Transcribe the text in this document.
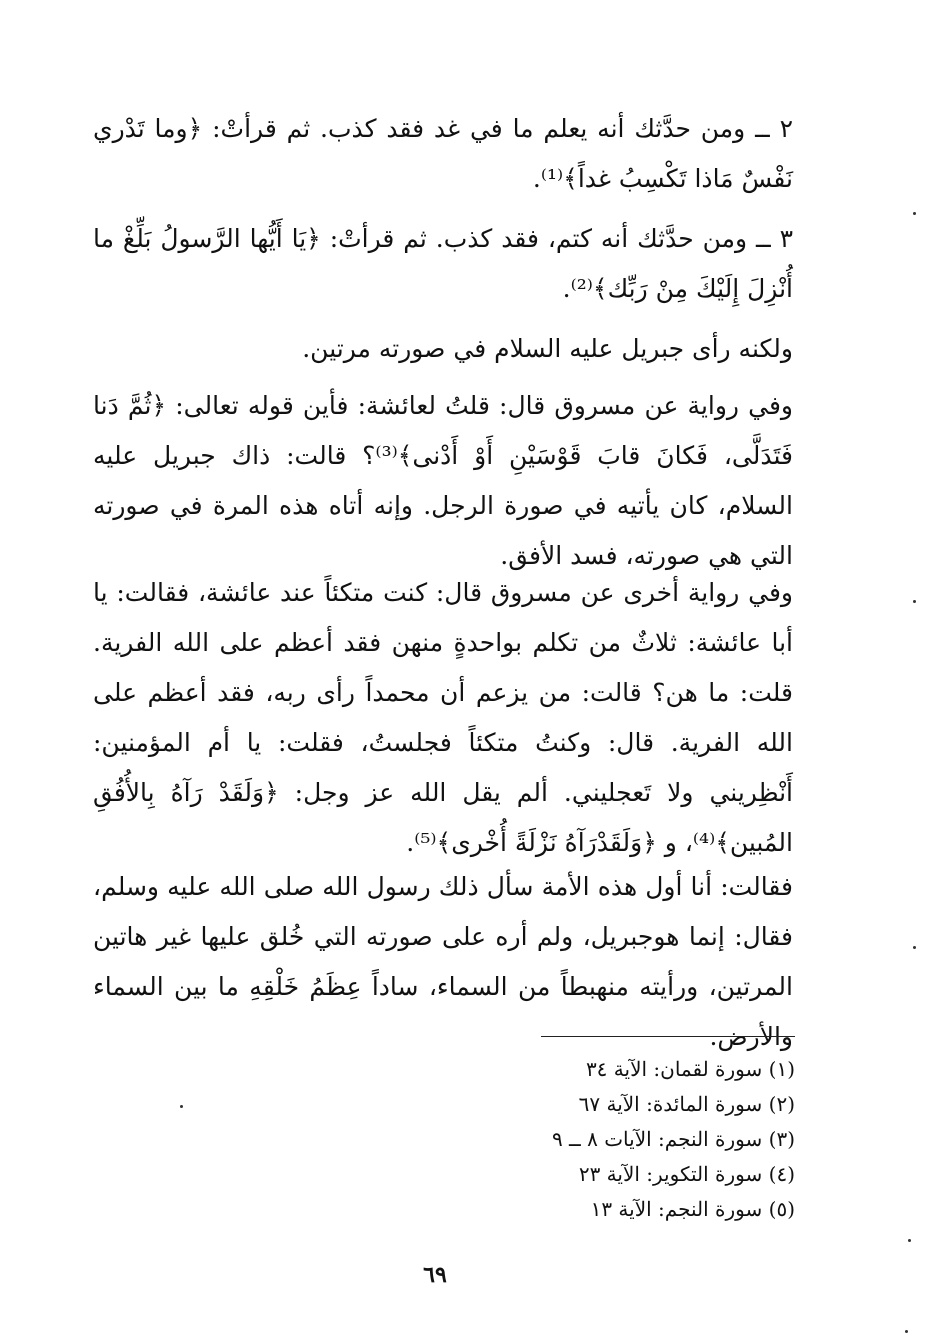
٢ ــ ومن حدَّثك أنه يعلم ما في غد فقد كذب. ثم قرأتْ: ﴿وما تَدْري نَفْسٌ مَاذا تَكْسِبُ غداً﴾⁽¹⁾.

٣ ــ ومن حدَّثك أنه كتم، فقد كذب. ثم قرأتْ: ﴿يَا أَيُّها الرَّسولُ بَلِّغْ ما أُنْزِلَ إِلَيْكَ مِنْ رَبِّك﴾⁽²⁾.

ولكنه رأى جبريل عليه السلام في صورته مرتين.

وفي رواية عن مسروق قال: قلتُ لعائشة: فأين قوله تعالى: ﴿ثُمَّ دَنا فَتَدَلَّى، فَكانَ قابَ قَوْسَيْنِ أَوْ أَدْنى﴾⁽³⁾؟ قالت: ذاك جبريل عليه السلام، كان يأتيه في صورة الرجل. وإنه أتاه هذه المرة في صورته التي هي صورته، فسد الأفق.

وفي رواية أخرى عن مسروق قال: كنت متكئاً عند عائشة، فقالت: يا أبا عائشة: ثلاثٌ من تكلم بواحدةٍ منهن فقد أعظم على الله الفرية. قلت: ما هن؟ قالت: من يزعم أن محمداً رأى ربه، فقد أعظم على الله الفرية. قال: وكنتُ متكئاً فجلستُ، فقلت: يا أم المؤمنين: أَنْظِريني ولا تَعجليني. ألم يقل الله عز وجل: ﴿وَلَقَدْ رَآهُ بِالأُفُقِ المُبين﴾⁽⁴⁾، و ﴿وَلَقَدْرَآهُ نَزْلَةً أُخْرى﴾⁽⁵⁾.

فقالت: أنا أول هذه الأمة سأل ذلك رسول الله صلى الله عليه وسلم، فقال: إنما هوجبريل، ولم أره على صورته التي خُلق عليها غير هاتين المرتين، ورأيته منهبطاً من السماء، ساداً عِظَمُ خَلْقِهِ ما بين السماء والأرض.

(١) سورة لقمان: الآية ٣٤

(٢) سورة المائدة: الآية ٦٧

(٣) سورة النجم: الآيات ٨ ــ ٩

(٤) سورة التكوير: الآية ٢٣

(٥) سورة النجم: الآية ١٣

٦٩
